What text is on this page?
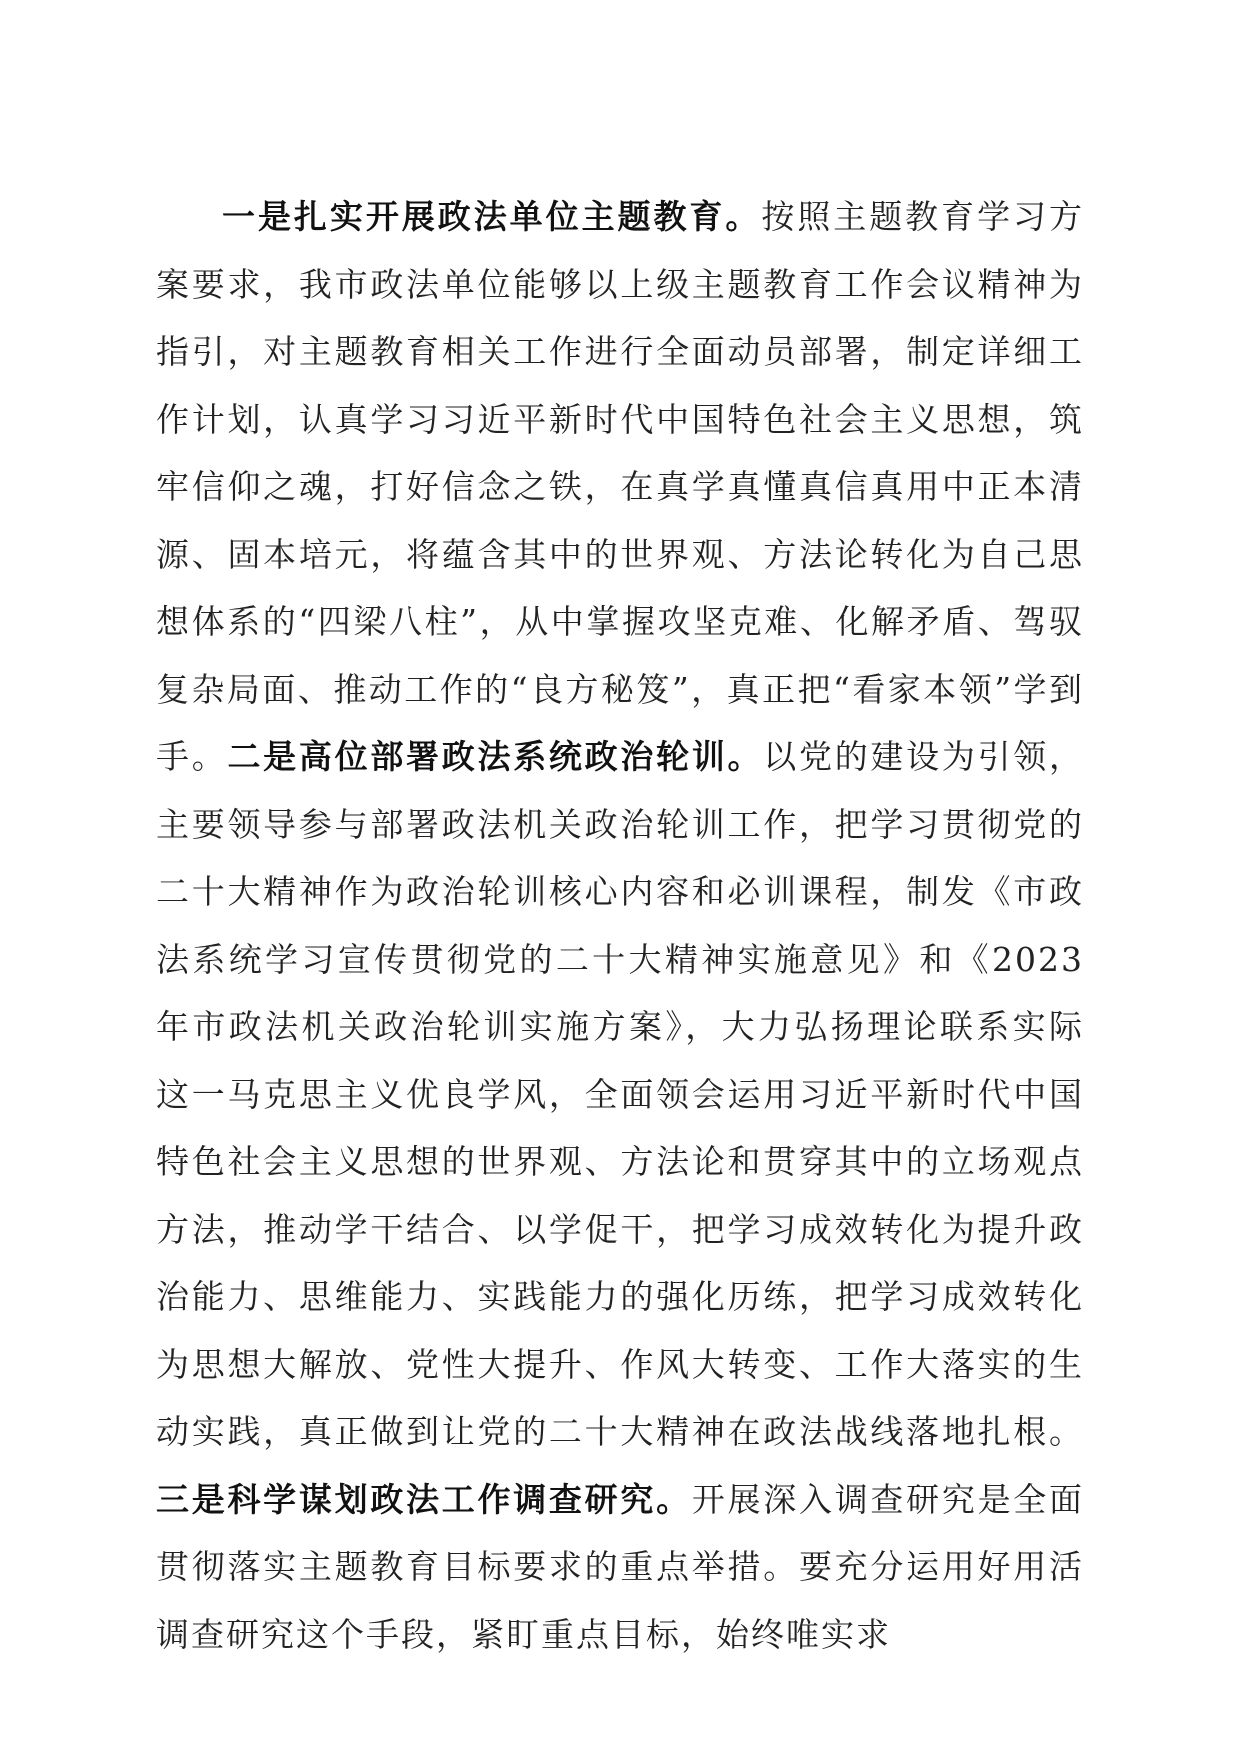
一是扎实开展政法单位主题教育。按照主题教育学习方案要求，我市政法单位能够以上级主题教育工作会议精神为指引，对主题教育相关工作进行全面动员部署，制定详细工作计划，认真学习习近平新时代中国特色社会主义思想，筑牢信仰之魂，打好信念之铁，在真学真懂真信真用中正本清源、固本培元，将蕴含其中的世界观、方法论转化为自己思想体系的“四梁八柱”，从中掌握攻坚克难、化解矛盾、驾驭复杂局面、推动工作的“良方秘笈”，真正把“看家本领”学到手。二是高位部署政法系统政治轮训。以党的建设为引领，主要领导参与部署政法机关政治轮训工作，把学习贯彻党的二十大精神作为政治轮训核心内容和必训课程，制发《市政法系统学习宣传贯彻党的二十大精神实施意见》和《2023年市政法机关政治轮训实施方案》，大力弘扬理论联系实际这一马克思主义优良学风，全面领会运用习近平新时代中国特色社会主义思想的世界观、方法论和贯穿其中的立场观点方法，推动学干结合、以学促干，把学习成效转化为提升政治能力、思维能力、实践能力的强化历练，把学习成效转化为思想大解放、党性大提升、作风大转变、工作大落实的生动实践，真正做到让党的二十大精神在政法战线落地扎根。三是科学谋划政法工作调查研究。开展深入调查研究是全面贯彻落实主题教育目标要求的重点举措。要充分运用好用活调查研究这个手段，紧盯重点目标，始终唯实求
